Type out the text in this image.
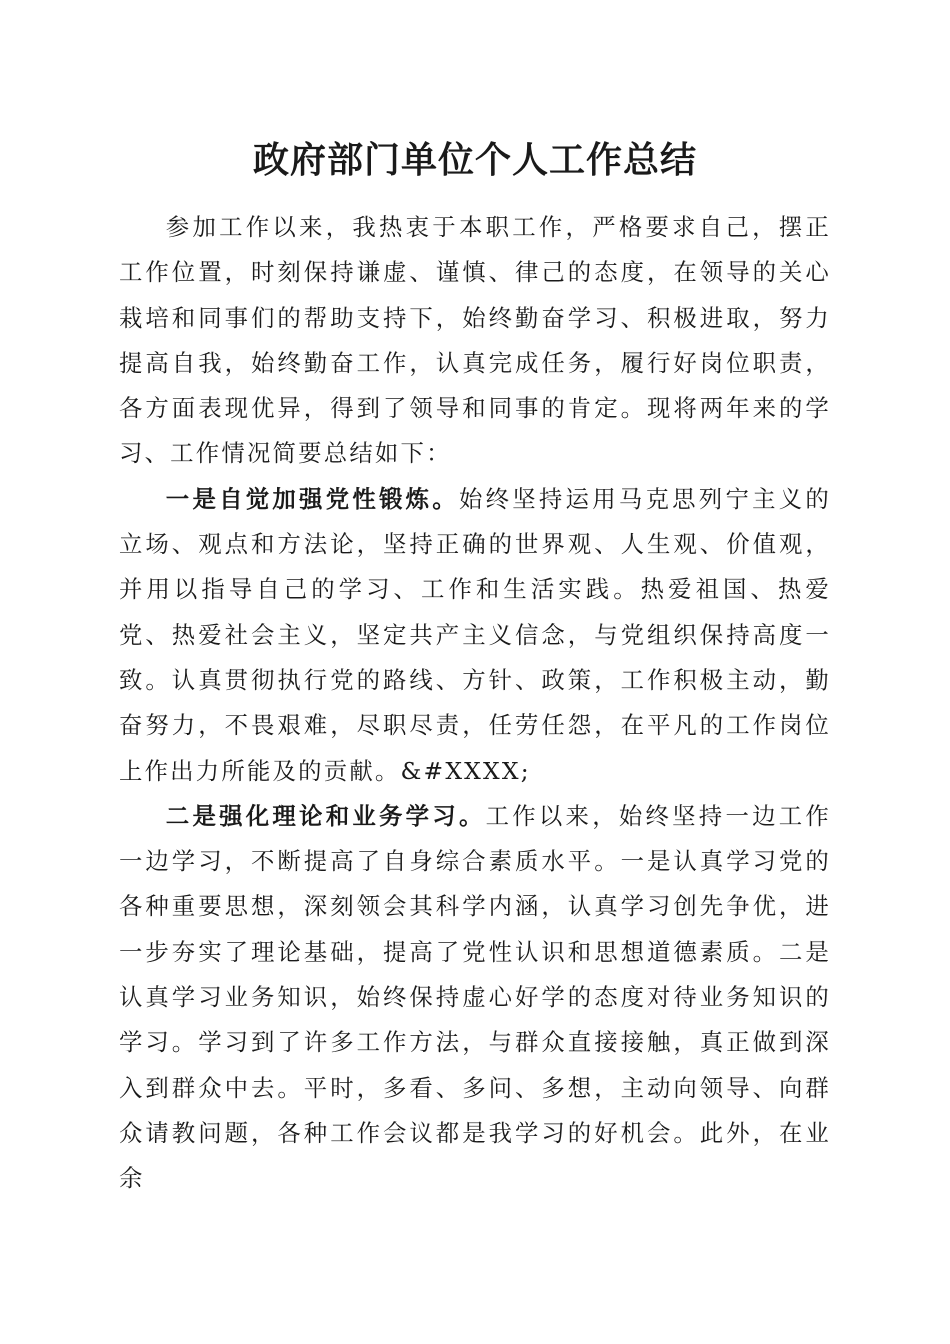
政府部门单位个人工作总结

参加工作以来，我热衷于本职工作，严格要求自己，摆正工作位置，时刻保持谦虚、谨慎、律己的态度，在领导的关心栽培和同事们的帮助支持下，始终勤奋学习、积极进取，努力提高自我，始终勤奋工作，认真完成任务，履行好岗位职责，各方面表现优异，得到了领导和同事的肯定。现将两年来的学习、工作情况简要总结如下：

一是自觉加强党性锻炼。始终坚持运用马克思列宁主义的立场、观点和方法论，坚持正确的世界观、人生观、价值观，并用以指导自己的学习、工作和生活实践。热爱祖国、热爱党、热爱社会主义，坚定共产主义信念，与党组织保持高度一致。认真贯彻执行党的路线、方针、政策，工作积极主动，勤奋努力，不畏艰难，尽职尽责，任劳任怨，在平凡的工作岗位上作出力所能及的贡献。&#XXXX;

二是强化理论和业务学习。工作以来，始终坚持一边工作一边学习，不断提高了自身综合素质水平。一是认真学习党的各种重要思想，深刻领会其科学内涵，认真学习创先争优，进一步夯实了理论基础，提高了党性认识和思想道德素质。二是认真学习业务知识，始终保持虚心好学的态度对待业务知识的学习。学习到了许多工作方法，与群众直接接触，真正做到深入到群众中去。平时，多看、多问、多想，主动向领导、向群众请教问题，各种工作会议都是我学习的好机会。此外，在业余
